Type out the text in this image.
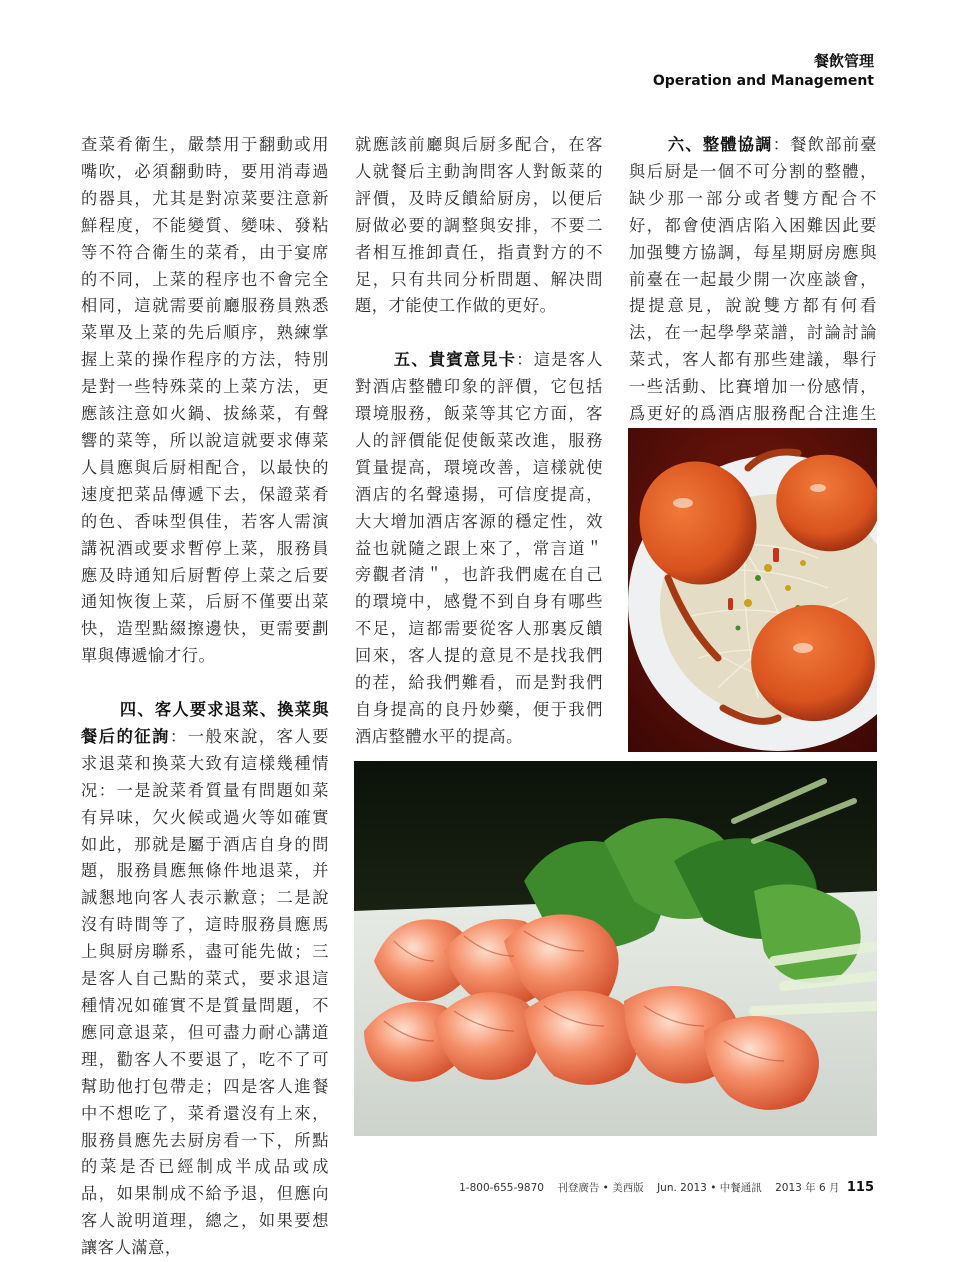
餐飲管理
Operation and Management

查菜肴衛生，嚴禁用于翻動或用嘴吹，必須翻動時，要用消毒過的器具，尤其是對凉菜要注意新鮮程度，不能變質、變味、發粘等不符合衛生的菜肴，由于宴席的不同，上菜的程序也不會完全相同，這就需要前廳服務員熟悉菜單及上菜的先后順序，熟練掌握上菜的操作程序的方法，特別是對一些特殊菜的上菜方法，更應該注意如火鍋、拔絲菜，有聲響的菜等，所以說這就要求傳菜人員應與后厨相配合，以最快的速度把菜品傳遞下去，保證菜肴的色、香味型俱佳，若客人需演講祝酒或要求暫停上菜，服務員應及時通知后厨暫停上菜之后要通知恢復上菜，后厨不僅要出菜快，造型點綴擦邊快，更需要劃單與傳遞愉才行。

四、客人要求退菜、換菜與餐后的征詢：一般來說，客人要求退菜和換菜大致有這樣幾種情况：一是說菜肴質量有問題如菜有异味，欠火候或過火等如確實如此，那就是屬于酒店自身的問題，服務員應無條件地退菜，并誠懇地向客人表示歉意；二是說沒有時間等了，這時服務員應馬上與厨房聯系，盡可能先做；三是客人自己點的菜式，要求退這種情况如確實不是質量問題，不應同意退菜，但可盡力耐心講道理，勸客人不要退了，吃不了可幫助他打包帶走；四是客人進餐中不想吃了，菜肴還沒有上來，服務員應先去厨房看一下，所點的菜是否已經制成半成品或成品，如果制成不給予退，但應向客人說明道理，總之，如果要想讓客人滿意，

就應該前廳與后厨多配合，在客人就餐后主動詢問客人對飯菜的評價，及時反饋給厨房，以便后厨做必要的調整與安排，不要二者相互推卸責任，指責對方的不足，只有共同分析問題、解决問題，才能使工作做的更好。

五、貴賓意見卡：這是客人對酒店整體印象的評價，它包括環境服務，飯菜等其它方面，客人的評價能促使飯菜改進，服務質量提高，環境改善，這樣就使酒店的名聲遠揚，可信度提高，大大增加酒店客源的穩定性，效益也就隨之跟上來了，常言道＂旁觀者清＂，也許我們處在自己的環境中，感覺不到自身有哪些不足，這都需要從客人那裏反饋回來，客人提的意見不是找我們的茬，給我們難看，而是對我們自身提高的良丹妙藥，便于我們酒店整體水平的提高。

六、整體協調：餐飲部前臺與后厨是一個不可分割的整體，缺少那一部分或者雙方配合不好，都會使酒店陷入困難因此要加强雙方協調，每星期厨房應與前臺在一起最少開一次座談會，提提意見，說說雙方都有何看法，在一起學學菜譜，討論討論菜式，客人都有那些建議，舉行一些活動、比賽增加一份感情，爲更好的爲酒店服務配合注進生

1-800-655-9870 刊登廣告 • 美西版 Jun. 2013 • 中餐通訊 2013 年 6 月 115
